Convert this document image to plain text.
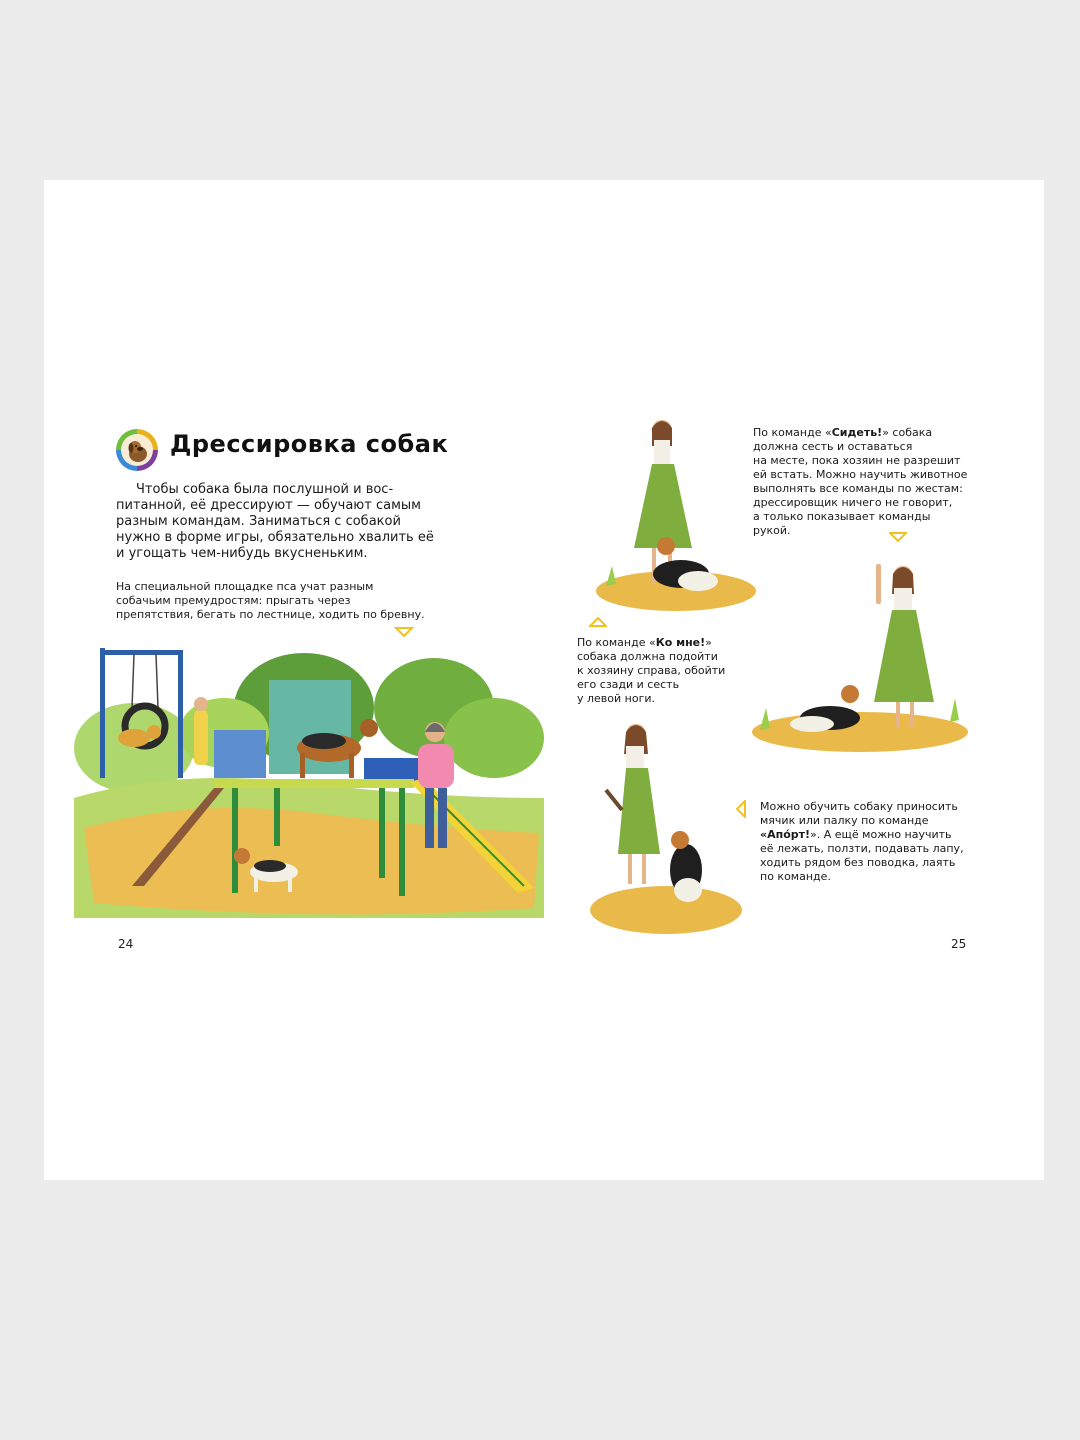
Дрессировка собак
Чтобы собака была послушной и вос-
питанной, её дрессируют — обучают самым
разным командам. Заниматься с собакой
нужно в форме игры, обязательно хвалить её
и угощать чем-нибудь вкусненьким.
На специальной площадке пса учат разным
собачьим премудростям: прыгать через
препятствия, бегать по лестнице, ходить по бревну.
24
По команде «Сидеть!» собака
должна сесть и оставаться
на месте, пока хозяин не разрешит
ей встать. Можно научить животное
выполнять все команды по жестам:
дрессировщик ничего не говорит,
а только показывает команды
рукой.
По команде «Ко мне!»
собака должна подойти
к хозяину справа, обойти
его сзади и сесть
у левой ноги.
Можно обучить собаку приносить
мячик или палку по команде
«Апо́рт!». А ещё можно научить
её лежать, ползти, подавать лапу,
ходить рядом без поводка, лаять
по команде.
25
